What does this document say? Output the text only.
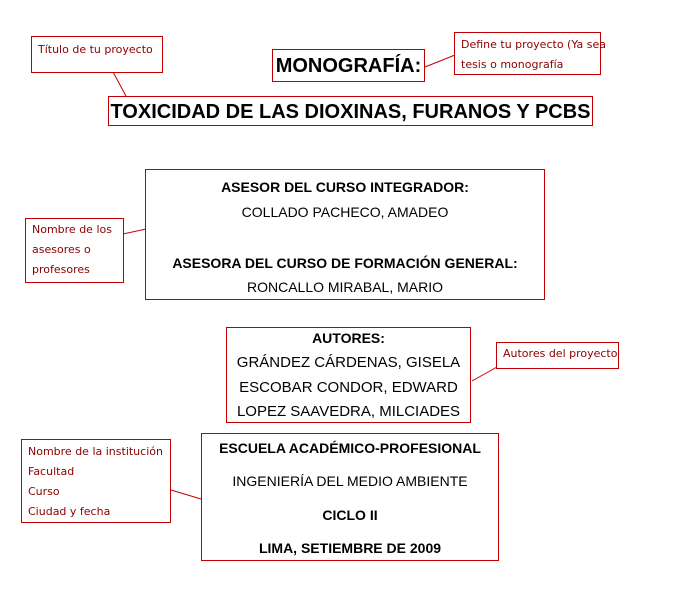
Título de tu proyecto	Define tu proyecto (Ya sea
tesis o monografía
Nombre de los
asesores o
profesores
Autores del proyecto
Nombre de la institución
Facultad
Curso
Ciudad y fecha
MONOGRAFÍA:
TOXICIDAD DE LAS DIOXINAS, FURANOS Y PCBS
ASESOR DEL CURSO INTEGRADOR:
COLLADO PACHECO, AMADEO
ASESORA DEL CURSO DE FORMACIÓN GENERAL:
RONCALLO MIRABAL, MARIO
AUTORES:
GRÁNDEZ CÁRDENAS, GISELA
ESCOBAR CONDOR, EDWARD
LOPEZ SAAVEDRA, MILCIADES
ESCUELA ACADÉMICO-PROFESIONAL
INGENIERÍA DEL MEDIO AMBIENTE
CICLO II
LIMA, SETIEMBRE DE 2009
